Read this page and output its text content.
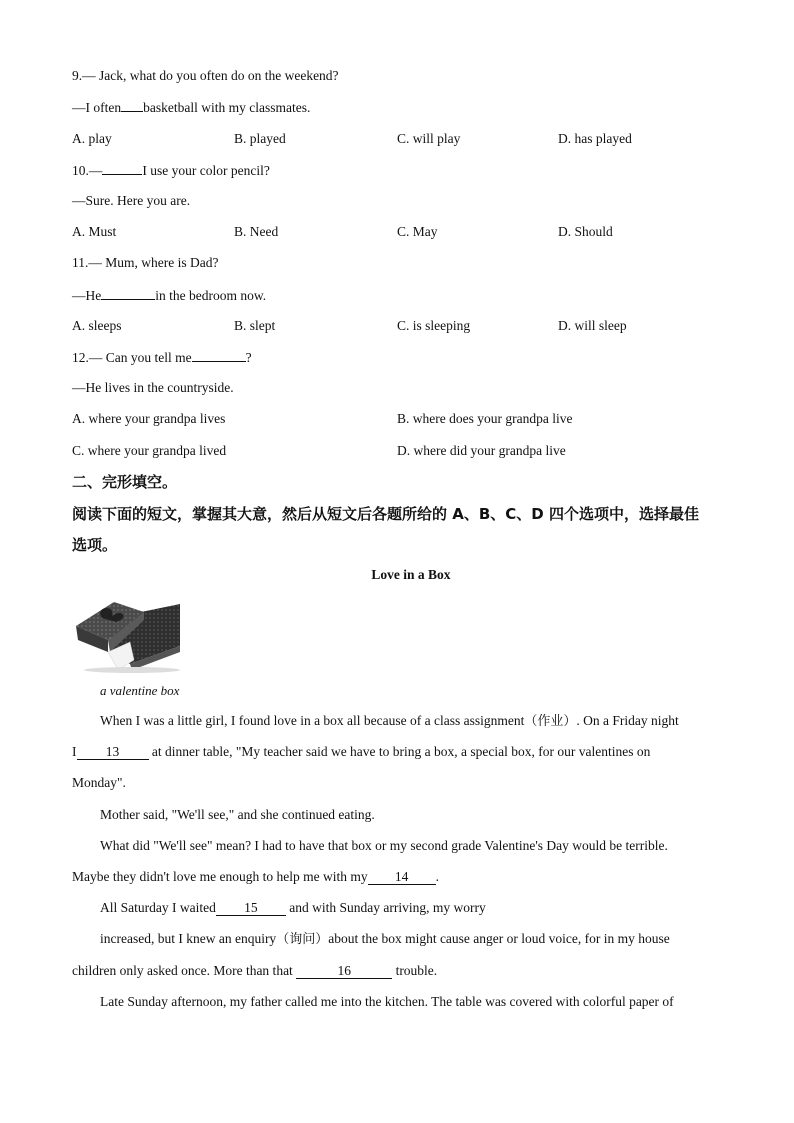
9.— Jack, what do you often do on the weekend?
—I often basketball with my classmates.
A. play	B. played	C. will play	D. has played
10.—	I use your color pencil?
—Sure. Here you are.
A. Must	B. Need	C. May	D. Should
11.— Mum, where is Dad?
—He	in the bedroom now.
A. sleeps	B. slept	C. is sleeping	D. will sleep
12.— Can you tell me	?
—He lives in the countryside.
A. where your grandpa lives	B. where does your grandpa live
C. where your grandpa lived	D. where did your grandpa live
二、完形填空。
阅读下面的短文，掌握其大意，然后从短文后各题所给的 A、B、C、D 四个选项中，选择最佳
选项。
Love in a Box
a valentine box
When I was a little girl, I found love in a box all because of a class assignment（作业）. On a Friday night
I 13 at dinner table, "My teacher said we have to bring a box, a special box, for our valentines on
Monday".
Mother said, "We'll see," and she continued eating.
What did "We'll see" mean? I had to have that box or my second grade Valentine's Day would be terrible.
Maybe they didn't love me enough to help me with my 14 .
All Saturday I waited 15 and with Sunday arriving, my worry
increased, but I knew an enquiry（询问）about the box might cause anger or loud voice, for in my house
children only asked once. More than that	16	trouble.
Late Sunday afternoon, my father called me into the kitchen. The table was covered with colorful paper of
